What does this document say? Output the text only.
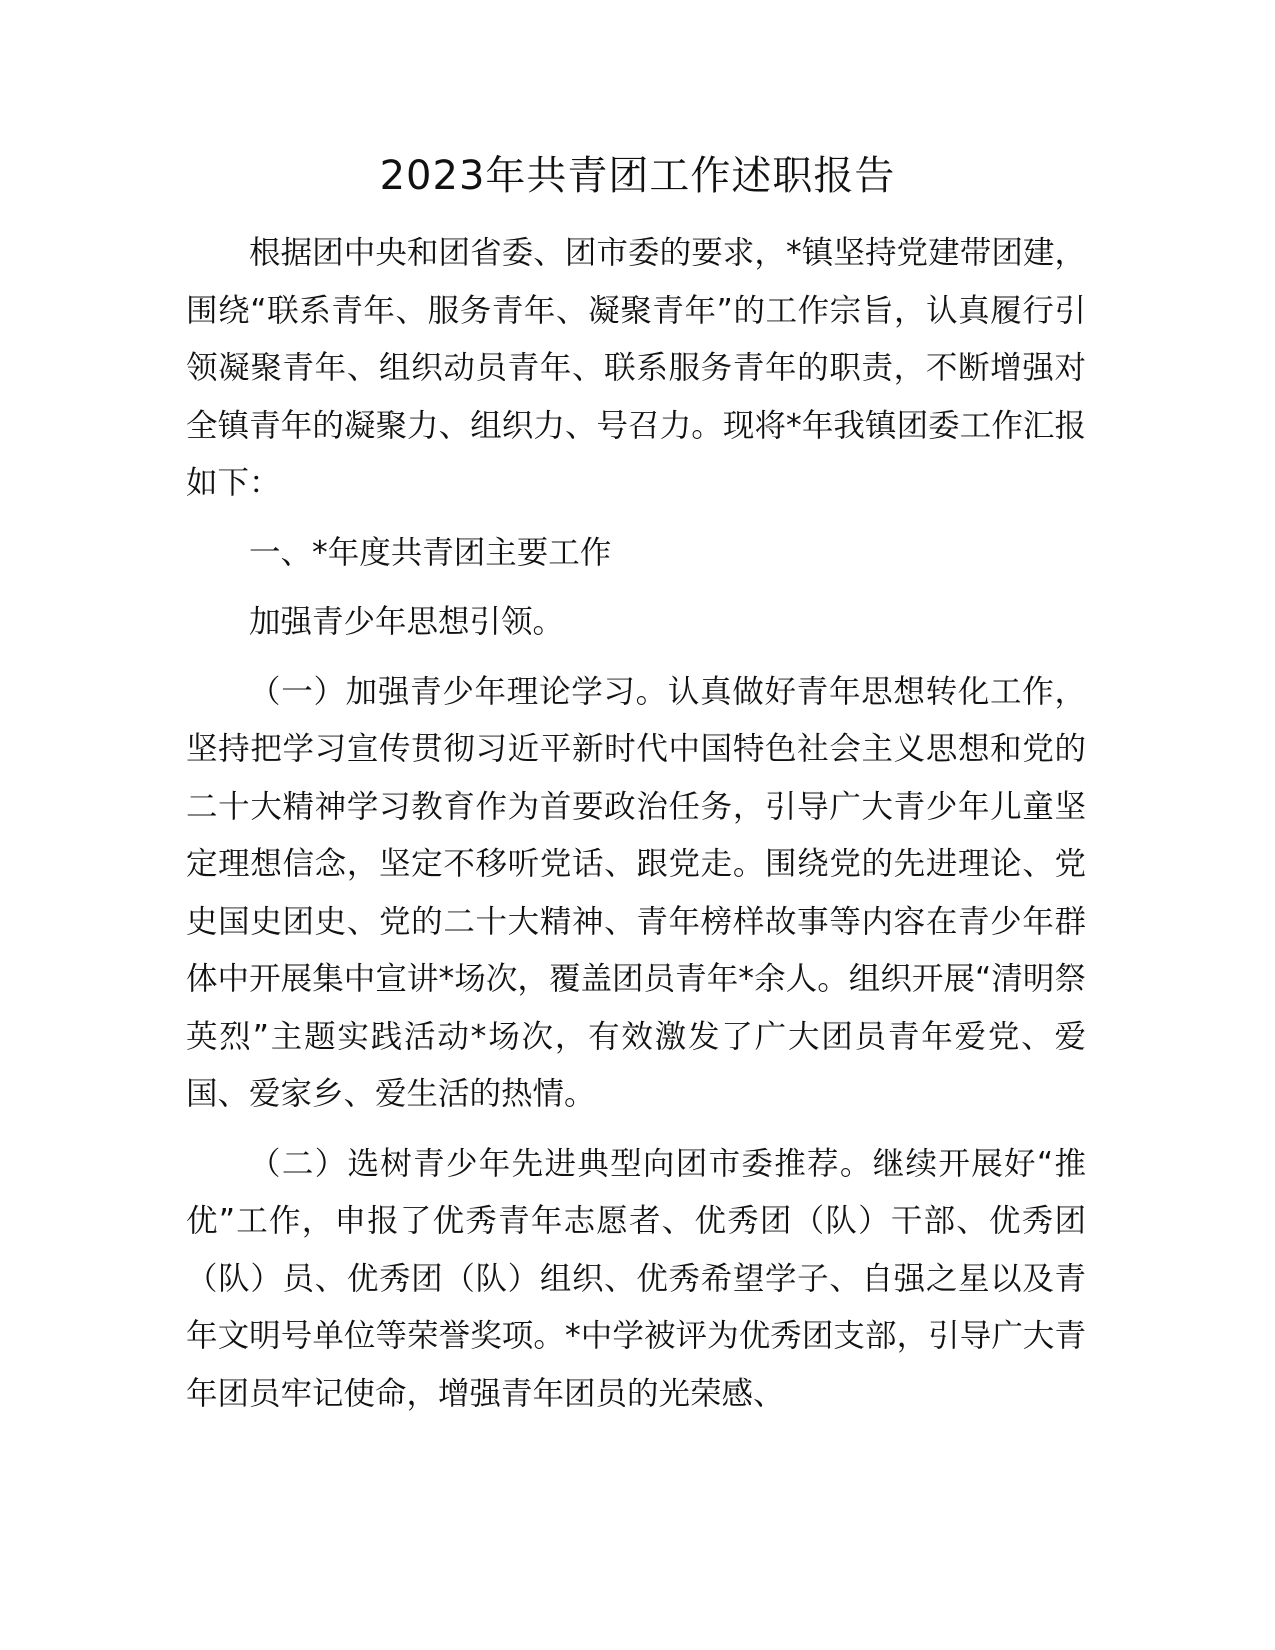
2023年共青团工作述职报告

根据团中央和团省委、团市委的要求，*镇坚持党建带团建，围绕“联系青年、服务青年、凝聚青年”的工作宗旨，认真履行引领凝聚青年、组织动员青年、联系服务青年的职责，不断增强对全镇青年的凝聚力、组织力、号召力。现将*年我镇团委工作汇报如下：

一、*年度共青团主要工作

加强青少年思想引领。

（一）加强青少年理论学习。认真做好青年思想转化工作，坚持把学习宣传贯彻习近平新时代中国特色社会主义思想和党的二十大精神学习教育作为首要政治任务，引导广大青少年儿童坚定理想信念，坚定不移听党话、跟党走。围绕党的先进理论、党史国史团史、党的二十大精神、青年榜样故事等内容在青少年群体中开展集中宣讲*场次，覆盖团员青年*余人。组织开展“清明祭英烈”主题实践活动*场次，有效激发了广大团员青年爱党、爱国、爱家乡、爱生活的热情。

（二）选树青少年先进典型向团市委推荐。继续开展好“推优”工作，申报了优秀青年志愿者、优秀团（队）干部、优秀团（队）员、优秀团（队）组织、优秀希望学子、自强之星以及青年文明号单位等荣誉奖项。*中学被评为优秀团支部，引导广大青年团员牢记使命，增强青年团员的光荣感、
